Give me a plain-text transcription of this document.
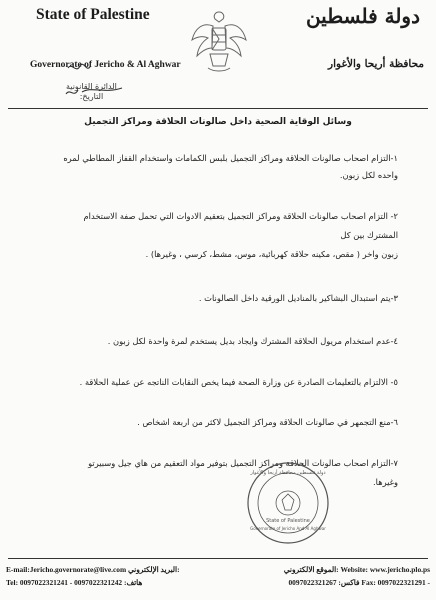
State of Palestine	دولة فلسطين
Governorate of Jericho & Al Aghwar	محافظة أريحا والأغوار
الدائرة القانونية
التاريخ:
وسائل الوقاية الصحية داخل صالونات الحلاقة ومراكز التجميل
١-التزام اصحاب صالونات الحلاقة ومراكز التجميل بلبس الكمامات واستخدام القفاز المطاطي لمره
واحده لكل زبون.
٢- التزام اصحاب صالونات الحلاقة ومراكز التجميل بتعقيم الادوات التي تحمل صفة الاستخدام
المشترك بين كل
زبون واخر ( مقص، مكينه حلاقة كهربائية، موس، مشط، كرسي ، وغيرها) .
٣-يتم استبدال البشاكير بالمناديل الورقية داخل الصالونات .
٤-عدم استخدام مريول الحلاقة المشترك وايجاد بديل يستخدم لمرة واحدة لكل زبون .
٥- الالتزام بالتعليمات الصادرة عن وزارة الصحة فيما يخص النقابات الناتجه عن عملية الحلاقة .
٦-منع التجمهر في صالونات الحلاقة ومراكز التجميل لاكثر من اربعة اشخاص .
٧-التزام اصحاب صالونات الحلاقة ومراكز التجميل بتوفير مواد التعقيم من هاي جيل وسبيرتو
وغيرها.
دولة فلسطين محافظة أريحا والأغوار
State of Palestine
Governorate of Jericho And Al Aghwar
E-mail:Jericho.governorate@live.com البريد الإلكتروني:	الموقع الالكتروني: Website: www.jericho.plo.ps
Tel: 0097022321241 - 0097022321242 :هاتف	فاكس: 0097022321267 Fax: 0097022321291 -
